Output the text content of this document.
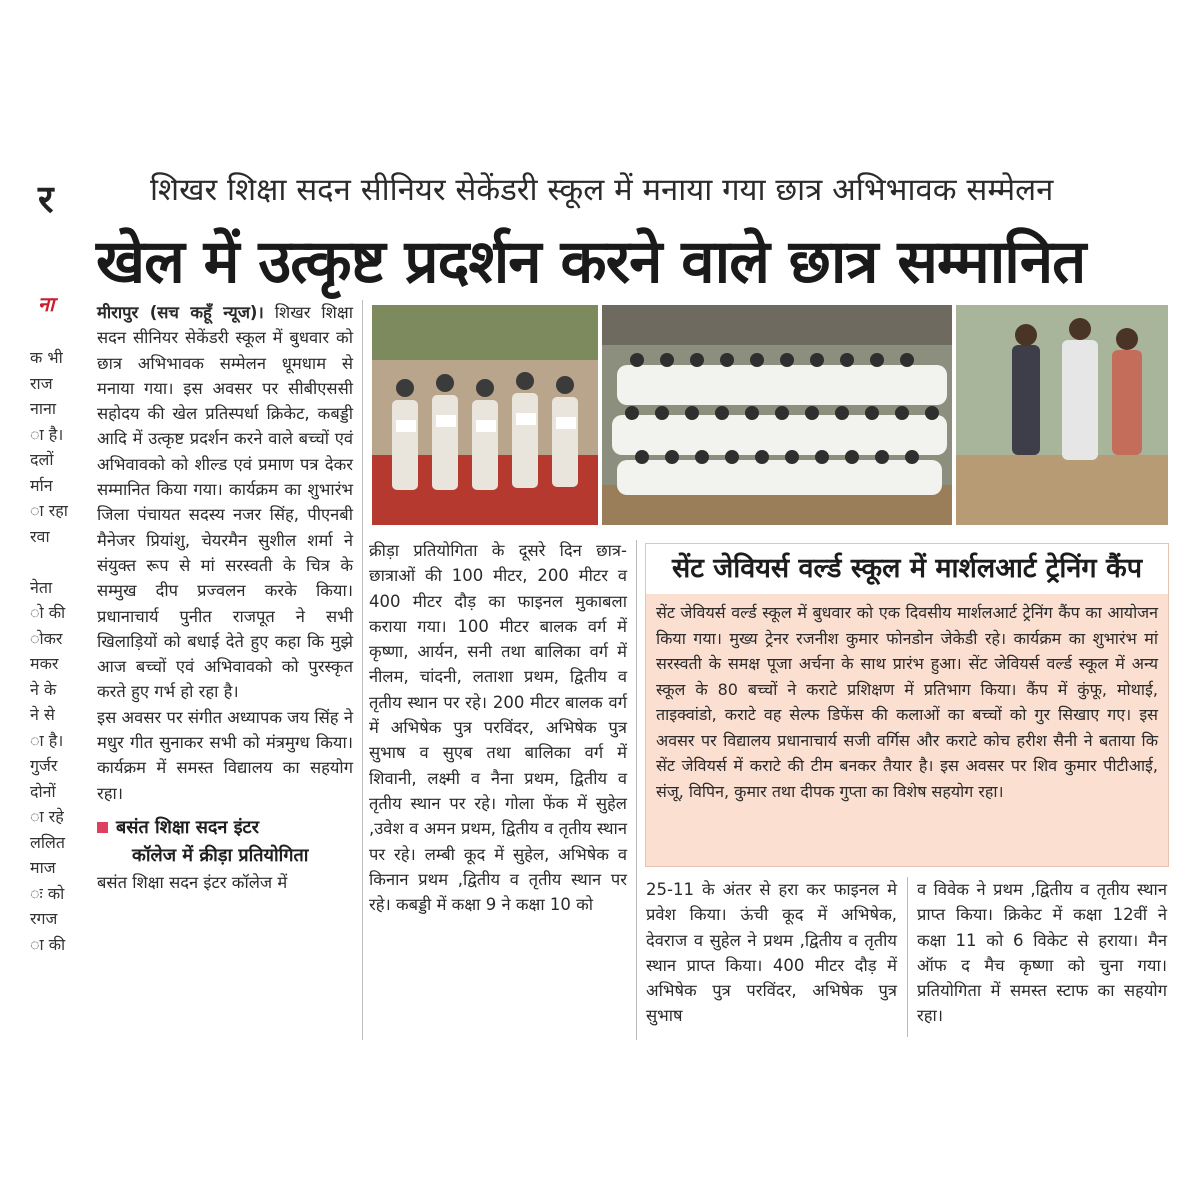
र
ना
क भी
राज
नाना
ा है।
दलों
र्मान
ा रहा
रवा

नेता
ो की
ोकर
मकर
ने के
ने से
ा है।
गुर्जर
दोनों
ा रहे
ललित
माज
ः को
रगज
ा की
शिखर शिक्षा सदन सीनियर सेकेंडरी स्कूल में मनाया गया छात्र अभिभावक सम्मेलन
खेल में उत्कृष्ट प्रदर्शन करने वाले छात्र सम्मानित
मीरापुर (सच कहूँ न्यूज)। शिखर शिक्षा सदन सीनियर सेकेंडरी स्कूल में बुधवार को छात्र अभिभावक सम्मेलन धूमधाम से मनाया गया। इस अवसर पर सीबीएससी सहोदय की खेल प्रतिस्पर्धा क्रिकेट, कबड्डी आदि में उत्कृष्ट प्रदर्शन करने वाले बच्चों एवं अभिवावको को शील्ड एवं प्रमाण पत्र देकर सम्मानित किया गया। कार्यक्रम का शुभारंभ जिला पंचायत सदस्य नजर सिंह, पीएनबी मैनेजर प्रियांशु, चेयरमैन सुशील शर्मा ने संयुक्त रूप से मां सरस्वती के चित्र के सम्मुख दीप प्रज्वलन करके किया। प्रधानाचार्य पुनीत राजपूत ने सभी खिलाड़ियों को बधाई देते हुए कहा कि मुझे आज बच्चों एवं अभिवावको को पुरस्कृत करते हुए गर्भ हो रहा है।
इस अवसर पर संगीत अध्यापक जय सिंह ने मधुर गीत सुनाकर सभी को मंत्रमुग्ध किया। कार्यक्रम में समस्त विद्यालय का सहयोग रहा।
बसंत शिक्षा सदन इंटर
कॉलेज में क्रीड़ा प्रतियोगिता
बसंत शिक्षा सदन इंटर कॉलेज में
क्रीड़ा प्रतियोगिता के दूसरे दिन छात्र-छात्राओं की 100 मीटर, 200 मीटर व 400 मीटर दौड़ का फाइनल मुकाबला कराया गया। 100 मीटर बालक वर्ग में कृष्णा, आर्यन, सनी तथा बालिका वर्ग में नीलम, चांदनी, लताशा प्रथम, द्वितीय व तृतीय स्थान पर रहे। 200 मीटर बालक वर्ग में अभिषेक पुत्र परविंदर, अभिषेक पुत्र सुभाष व सुएब तथा बालिका वर्ग में शिवानी, लक्ष्मी व नैना प्रथम, द्वितीय व तृतीय स्थान पर रहे। गोला फेंक में सुहेल ,उवेश व अमन प्रथम, द्वितीय व तृतीय स्थान पर रहे। लम्बी कूद में सुहेल, अभिषेक व किनान प्रथम ,द्वितीय व तृतीय स्थान पर रहे। कबड्डी में कक्षा 9 ने कक्षा 10 को
सेंट जेवियर्स वर्ल्ड स्कूल में मार्शलआर्ट ट्रेनिंग कैंप
सेंट जेवियर्स वर्ल्ड स्कूल में बुधवार को एक दिवसीय मार्शलआर्ट ट्रेनिंग कैंप का आयोजन किया गया। मुख्य ट्रेनर रजनीश कुमार फोनडोन जेकेडी रहे। कार्यक्रम का शुभारंभ मां सरस्वती के समक्ष पूजा अर्चना के साथ प्रारंभ हुआ। सेंट जेवियर्स वर्ल्ड स्कूल में अन्य स्कूल के 80 बच्चों ने कराटे प्रशिक्षण में प्रतिभाग किया। कैंप में कुंफू, मोथाई, ताइक्वांडो, कराटे वह सेल्फ डिफेंस की कलाओं का बच्चों को गुर सिखाए गए। इस अवसर पर विद्यालय प्रधानाचार्य सजी वर्गिस और कराटे कोच हरीश सैनी ने बताया कि सेंट जेवियर्स में कराटे की टीम बनकर तैयार है। इस अवसर पर शिव कुमार पीटीआई, संजू, विपिन, कुमार तथा दीपक गुप्ता का विशेष सहयोग रहा।
25-11 के अंतर से हरा कर फाइनल मे प्रवेश किया। ऊंची कूद में अभिषेक, देवराज व सुहेल ने प्रथम ,द्वितीय व तृतीय स्थान प्राप्त किया। 400 मीटर दौड़ में अभिषेक पुत्र परविंदर, अभिषेक पुत्र सुभाष
व विवेक ने प्रथम ,द्वितीय व तृतीय स्थान प्राप्त किया। क्रिकेट में कक्षा 12वीं ने कक्षा 11 को 6 विकेट से हराया। मैन ऑफ द मैच कृष्णा को चुना गया। प्रतियोगिता में समस्त स्टाफ का सहयोग रहा।
